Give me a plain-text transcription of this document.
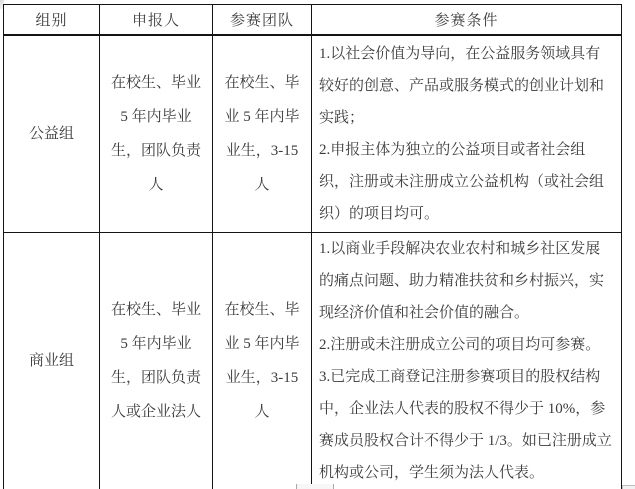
组别	申报人	参赛团队	参赛条件
公益组	在校生、毕业 5 年内毕业生，团队负责人	在校生、毕业 5 年内毕业生，3-15 人	1.以社会价值为导向，在公益服务领域具有较好的创意、产品或服务模式的创业计划和实践；

2.申报主体为独立的公益项目或者社会组织，注册或未注册成立公益机构（或社会组织）的项目均可。

商业组	在校生、毕业 5 年内毕业生，团队负责人或企业法人	在校生、毕业 5 年内毕业生，3-15 人	1.以商业手段解决农业农村和城乡社区发展的痛点问题、助力精准扶贫和乡村振兴，实现经济价值和社会价值的融合。

2.注册或未注册成立公司的项目均可参赛。

3.已完成工商登记注册参赛项目的股权结构中，企业法人代表的股权不得少于 10%，参赛成员股权合计不得少于 1/3。如已注册成立机构或公司，学生须为法人代表。
